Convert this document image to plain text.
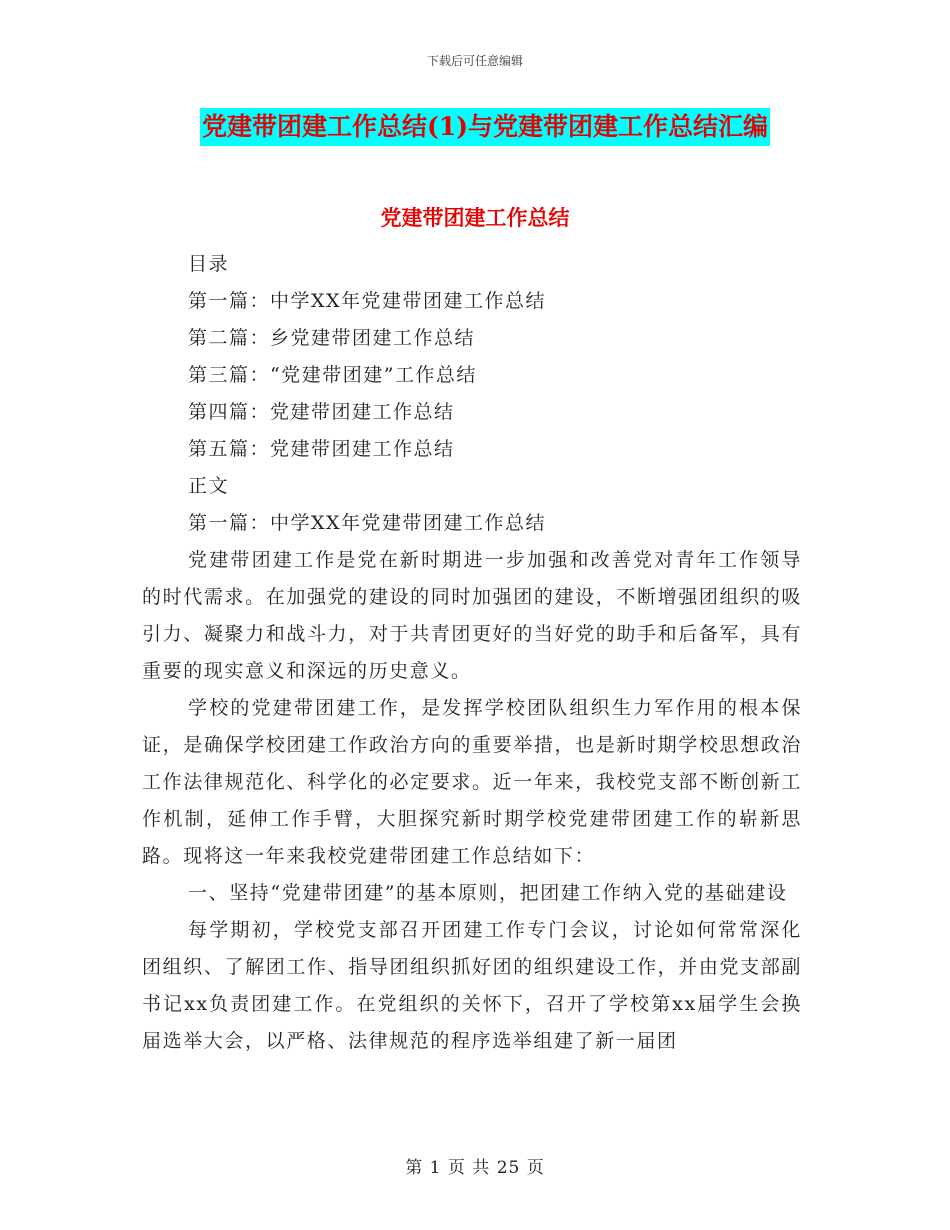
下载后可任意编辑
党建带团建工作总结(1)与党建带团建工作总结汇编
党建带团建工作总结
目录
第一篇：中学XX年党建带团建工作总结
第二篇：乡党建带团建工作总结
第三篇：“党建带团建”工作总结
第四篇：党建带团建工作总结
第五篇：党建带团建工作总结
正文
第一篇：中学XX年党建带团建工作总结

党建带团建工作是党在新时期进一步加强和改善党对青年工作领导的时代需求。在加强党的建设的同时加强团的建设，不断增强团组织的吸引力、凝聚力和战斗力，对于共青团更好的当好党的助手和后备军，具有重要的现实意义和深远的历史意义。

学校的党建带团建工作，是发挥学校团队组织生力军作用的根本保证，是确保学校团建工作政治方向的重要举措，也是新时期学校思想政治工作法律规范化、科学化的必定要求。近一年来，我校党支部不断创新工作机制，延伸工作手臂，大胆探究新时期学校党建带团建工作的崭新思路。现将这一年来我校党建带团建工作总结如下：

一、坚持“党建带团建”的基本原则，把团建工作纳入党的基础建设

每学期初，学校党支部召开团建工作专门会议，讨论如何常常深化团组织、了解团工作、指导团组织抓好团的组织建设工作，并由党支部副书记xx负责团建工作。在党组织的关怀下，召开了学校第xx届学生会换届选举大会，以严格、法律规范的程序选举组建了新一届团

第 1 页 共 25 页
